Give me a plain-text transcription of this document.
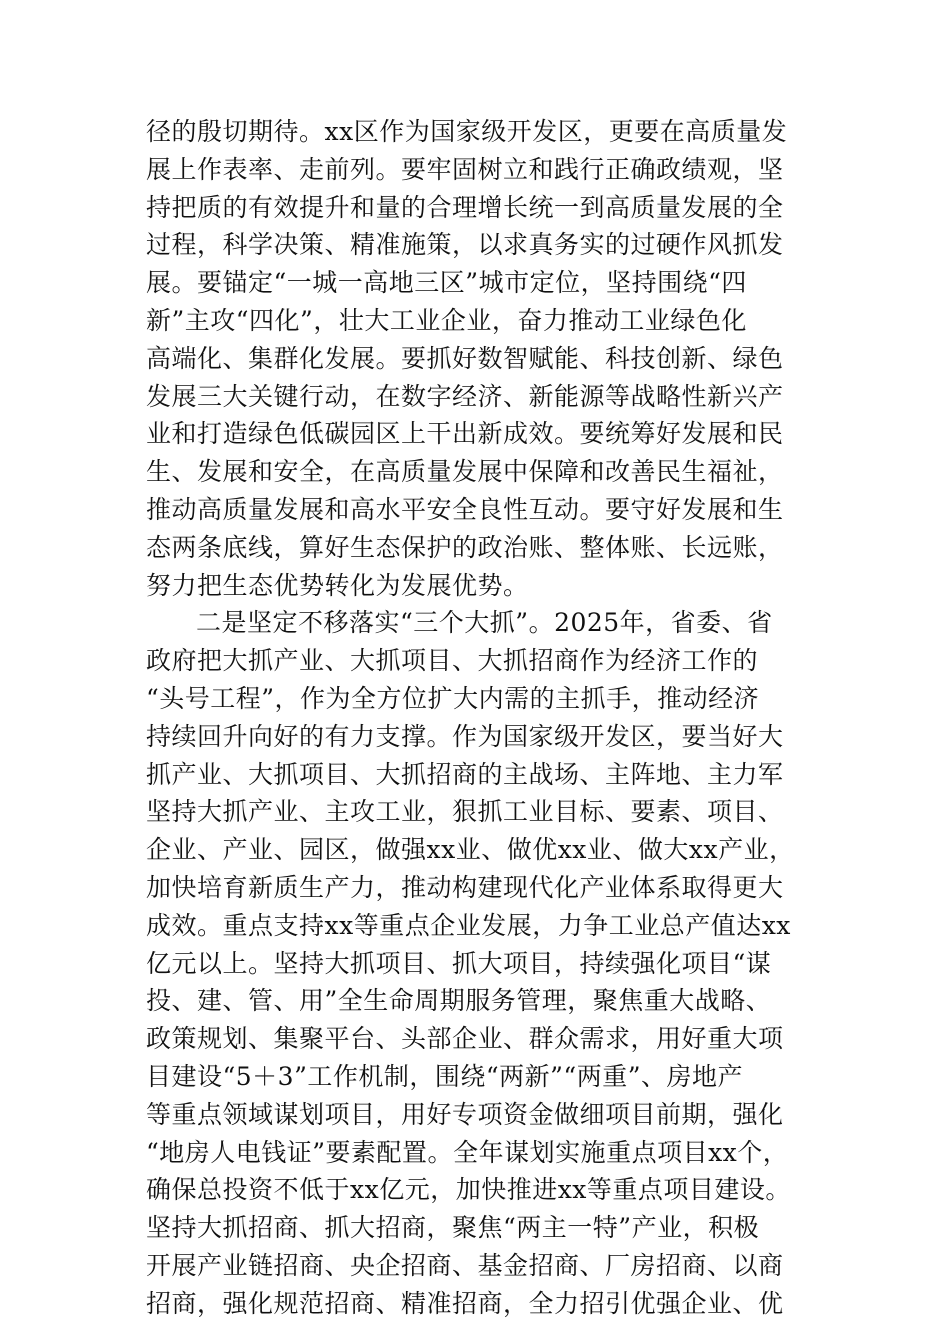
径的殷切期待。xx区作为国家级开发区，更要在高质量发
展上作表率、走前列。要牢固树立和践行正确政绩观，坚
持把质的有效提升和量的合理增长统一到高质量发展的全
过程，科学决策、精准施策，以求真务实的过硬作风抓发
展。要锚定“一城一高地三区”城市定位，坚持围绕“四
新”主攻“四化”，壮大工业企业，奋力推动工业绿色化
高端化、集群化发展。要抓好数智赋能、科技创新、绿色
发展三大关键行动，在数字经济、新能源等战略性新兴产
业和打造绿色低碳园区上干出新成效。要统筹好发展和民
生、发展和安全，在高质量发展中保障和改善民生福祉，
推动高质量发展和高水平安全良性互动。要守好发展和生
态两条底线，算好生态保护的政治账、整体账、长远账，
努力把生态优势转化为发展优势。
二是坚定不移落实“三个大抓”。2025年，省委、省
政府把大抓产业、大抓项目、大抓招商作为经济工作的
“头号工程”，作为全方位扩大内需的主抓手，推动经济
持续回升向好的有力支撑。作为国家级开发区，要当好大
抓产业、大抓项目、大抓招商的主战场、主阵地、主力军
坚持大抓产业、主攻工业，狠抓工业目标、要素、项目、
企业、产业、园区，做强xx业、做优xx业、做大xx产业，
加快培育新质生产力，推动构建现代化产业体系取得更大
成效。重点支持xx等重点企业发展，力争工业总产值达xx
亿元以上。坚持大抓项目、抓大项目，持续强化项目“谋
投、建、管、用”全生命周期服务管理，聚焦重大战略、
政策规划、集聚平台、头部企业、群众需求，用好重大项
目建设“5＋3”工作机制，围绕“两新”“两重”、房地产
等重点领域谋划项目，用好专项资金做细项目前期，强化
“地房人电钱证”要素配置。全年谋划实施重点项目xx个，
确保总投资不低于xx亿元，加快推进xx等重点项目建设。
坚持大抓招商、抓大招商，聚焦“两主一特”产业，积极
开展产业链招商、央企招商、基金招商、厂房招商、以商
招商，强化规范招商、精准招商，全力招引优强企业、优
